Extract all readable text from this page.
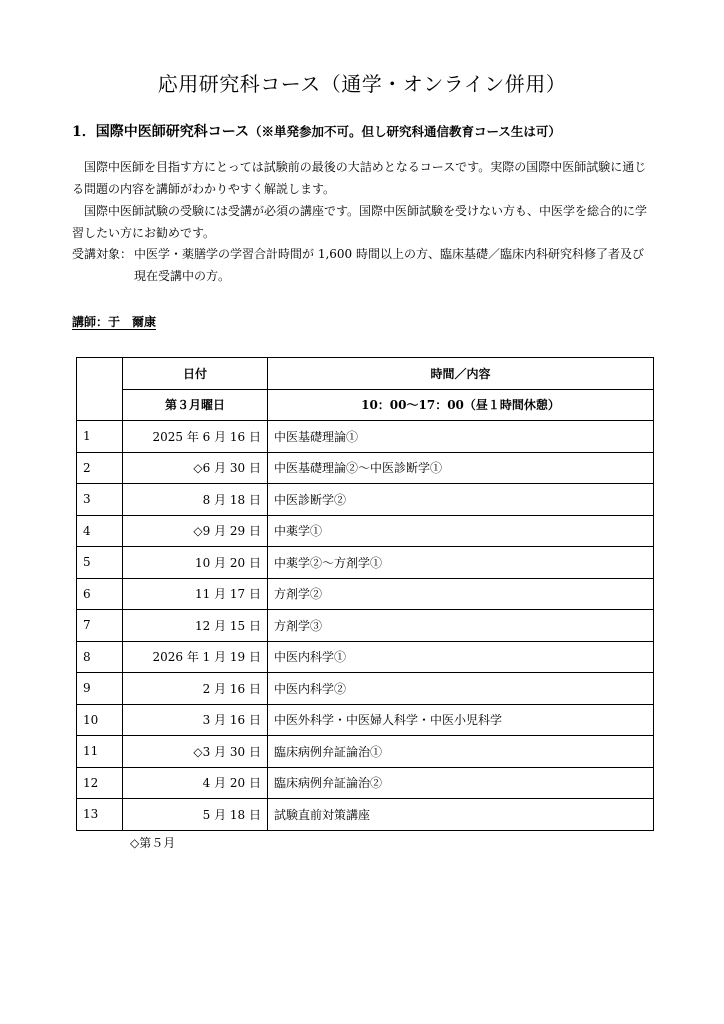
応用研究科コース（通学・オンライン併用）
1．国際中医師研究科コース（※単発参加不可。但し研究科通信教育コース生は可）
国際中医師を目指す方にとっては試験前の最後の大詰めとなるコースです。実際の国際中医師試験に通じる問題の内容を講師がわかりやすく解説します。
国際中医師試験の受験には受講が必須の講座です。国際中医師試験を受けない方も、中医学を総合的に学習したい方にお勧めです。
受講対象： 中医学・薬膳学の学習合計時間が 1,600 時間以上の方、臨床基礎／臨床内科研究科修了者及び現在受講中の方。
講師：于　爾康
	日付	時間／内容
	第３月曜日	10：00～17：00（昼１時間休憩）
1	2025 年 6 月 16 日	中医基礎理論①
2	◇6 月 30 日	中医基礎理論②～中医診断学①
3	8 月 18 日	中医診断学②
4	◇9 月 29 日	中薬学①
5	10 月 20 日	中薬学②～方剤学①
6	11 月 17 日	方剤学②
7	12 月 15 日	方剤学③
8	2026 年 1 月 19 日	中医内科学①
9	2 月 16 日	中医内科学②
10	3 月 16 日	中医外科学・中医婦人科学・中医小児科学
11	◇3 月 30 日	臨床病例弁証論治①
12	4 月 20 日	臨床病例弁証論治②
13	5 月 18 日	試験直前対策講座
◇第５月
